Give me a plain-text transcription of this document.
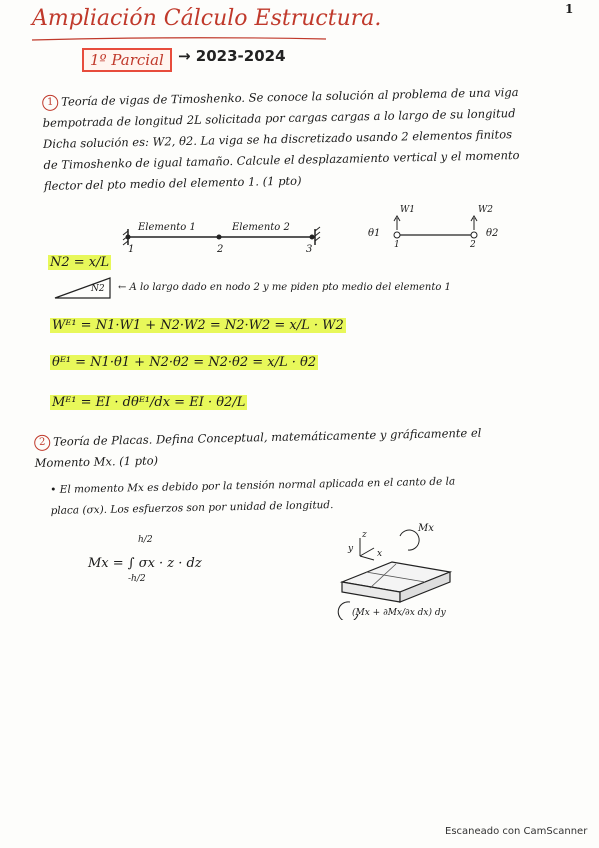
1
Ampliación Cálculo Estructura.
1º Parcial → 2023-2024
1 Teoría de vigas de Timoshenko. Se conoce la solución al problema de una viga
bempotrada de longitud 2L solicitada por cargas cargas a lo largo de su longitud
Dicha solución es: W2, θ2. La viga se ha discretizado usando 2 elementos finitos
de Timoshenko de igual tamaño. Calcule el desplazamiento vertical y el momento
flector del pto medio del elemento 1. (1 pto)
Elemento 1	Elemento 2
1	2	3
W1	W2
θ1	θ2
1	2
N2 = x/L
N2 ← A lo largo dado en nodo 2 y me piden pto medio del elemento 1
Wᴱ¹ = N1·W1 + N2·W2 = N2·W2 = x/L · W2
θᴱ¹ = N1·θ1 + N2·θ2 = N2·θ2 = x/L · θ2
Mᴱ¹ = EI · dθᴱ¹/dx = EI · θ2/L
2 Teoría de Placas. Defina Conceptual, matemáticamente y gráficamente el
Momento Mx. (1 pto)
• El momento Mx es debido por la tensión normal aplicada en el canto de la
placa (σx). Los esfuerzos son por unidad de longitud.
Mx = ∫ σx · z · dz
h/2
-h/2
y
z
x
Mx
(Mx + ∂Mx/∂x dx) dy
Escaneado con CamScanner
